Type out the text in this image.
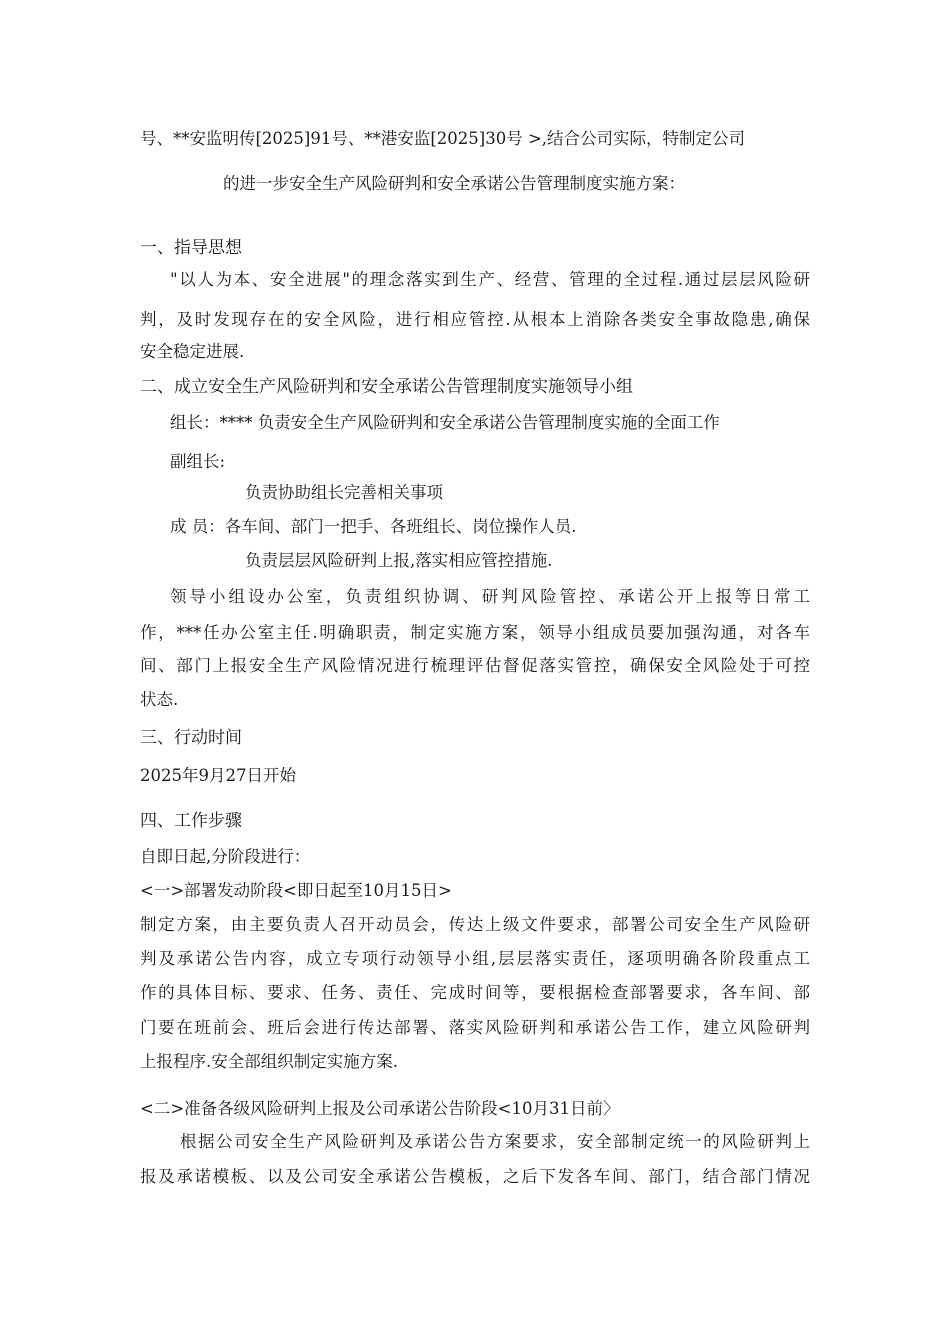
号、**安监明传[2025]91号、**港安监[2025]30号 >,结合公司实际，特制定公司

的进一步安全生产风险研判和安全承诺公告管理制度实施方案：

一、指导思想

"以人为本、安全进展"的理念落实到生产、经营、管理的全过程.通过层层风险研

判，及时发现存在的安全风险，进行相应管控.从根本上消除各类安全事故隐患,确保

安全稳定进展.

二、成立安全生产风险研判和安全承诺公告管理制度实施领导小组

组长：**** 负责安全生产风险研判和安全承诺公告管理制度实施的全面工作

副组长:

负责协助组长完善相关事项

成 员：各车间、部门一把手、各班组长、岗位操作人员.

负责层层风险研判上报,落实相应管控措施.

领导小组设办公室，负责组织协调、研判风险管控、承诺公开上报等日常工

作，***任办公室主任.明确职责，制定实施方案，领导小组成员要加强沟通，对各车

间、部门上报安全生产风险情况进行梳理评估督促落实管控，确保安全风险处于可控

状态.

三、行动时间

2025年9月27日开始

四、工作步骤

自即日起,分阶段进行：

<一>部署发动阶段<即日起至10月15日>

制定方案，由主要负责人召开动员会，传达上级文件要求，部署公司安全生产风险研

判及承诺公告内容，成立专项行动领导小组,层层落实责任，逐项明确各阶段重点工

作的具体目标、要求、任务、责任、完成时间等，要根据检查部署要求，各车间、部

门要在班前会、班后会进行传达部署、落实风险研判和承诺公告工作，建立风险研判

上报程序.安全部组织制定实施方案.

<二>准备各级风险研判上报及公司承诺公告阶段<10月31日前〉

根据公司安全生产风险研判及承诺公告方案要求，安全部制定统一的风险研判上

报及承诺模板、以及公司安全承诺公告模板，之后下发各车间、部门，结合部门情况
